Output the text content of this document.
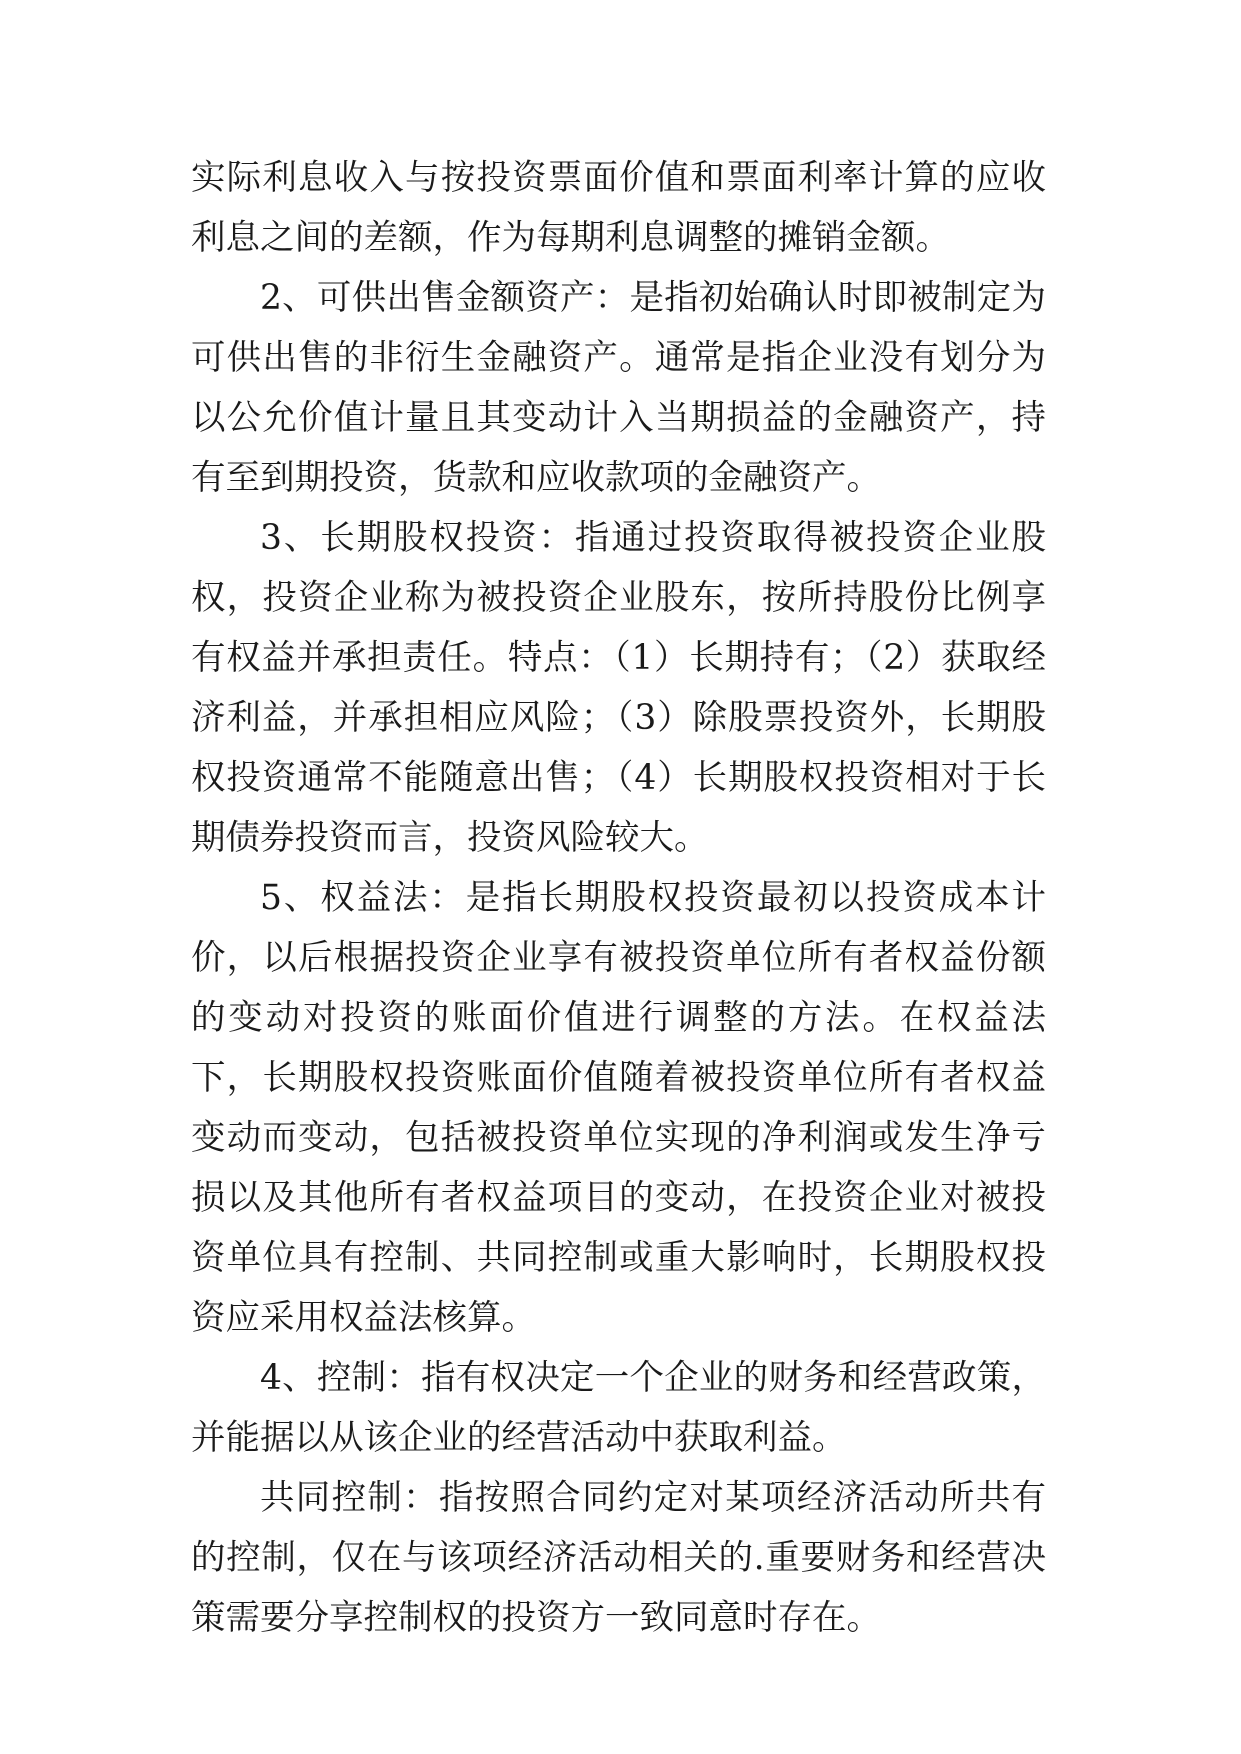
实际利息收入与按投资票面价值和票面利率计算的应收利息之间的差额，作为每期利息调整的摊销金额。

2、可供出售金额资产：是指初始确认时即被制定为可供出售的非衍生金融资产。通常是指企业没有划分为以公允价值计量且其变动计入当期损益的金融资产，持有至到期投资，货款和应收款项的金融资产。

3、长期股权投资：指通过投资取得被投资企业股权，投资企业称为被投资企业股东，按所持股份比例享有权益并承担责任。特点：（1）长期持有；（2）获取经济利益，并承担相应风险；（3）除股票投资外，长期股权投资通常不能随意出售；（4）长期股权投资相对于长期债券投资而言，投资风险较大。

5、权益法：是指长期股权投资最初以投资成本计价，以后根据投资企业享有被投资单位所有者权益份额的变动对投资的账面价值进行调整的方法。在权益法下，长期股权投资账面价值随着被投资单位所有者权益变动而变动，包括被投资单位实现的净利润或发生净亏损以及其他所有者权益项目的变动，在投资企业对被投资单位具有控制、共同控制或重大影响时，长期股权投资应采用权益法核算。

4、控制：指有权决定一个企业的财务和经营政策，并能据以从该企业的经营活动中获取利益。

共同控制：指按照合同约定对某项经济活动所共有的控制，仅在与该项经济活动相关的.重要财务和经营决策需要分享控制权的投资方一致同意时存在。
